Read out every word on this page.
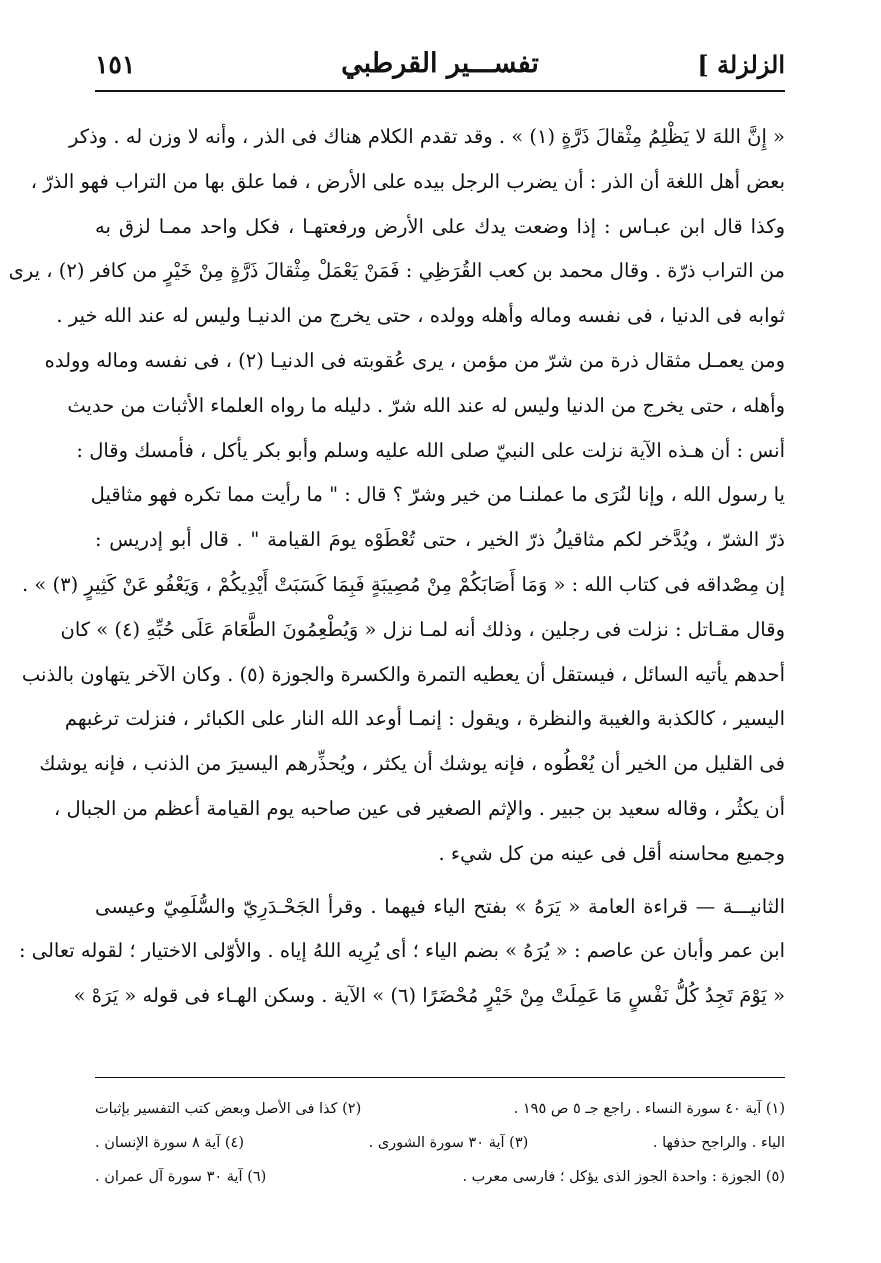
الزلزلة ]
تفســـير القرطبي
١٥١
« إِنَّ اللهَ لا يَظْلِمُ مِثْقالَ ذَرَّةٍ (١) » . وقد تقدم الكلام هناك فى الذر ، وأنه لا وزن له . وذكر
بعض أهل اللغة أن الذر : أن يضرب الرجل بيده على الأرض ، فما علق بها من التراب فهو الذرّ ،
وكذا قال ابن عبـاس : إذا وضعت يدك على الأرض ورفعتهـا ، فكل واحد ممـا لزق به
من التراب ذرّة . وقال محمد بن كعب القُرَظِي : فَمَنْ يَعْمَلْ مِثْقالَ ذَرَّةٍ مِنْ خَيْرٍ من كافر (٢) ، يرى
ثوابه فى الدنيا ، فى نفسه وماله وأهله وولده ، حتى يخرج من الدنيـا وليس له عند الله خير .
ومن يعمـل مثقال ذرة من شرّ من مؤمن ، يرى عُقوبته فى الدنيـا (٢) ، فى نفسه وماله وولده
وأهله ، حتى يخرج من الدنيا وليس له عند الله شرّ . دليله ما رواه العلماء الأثبات من حديث
أنس : أن هـذه الآية نزلت على النبيّ صلى الله عليه وسلم وأبو بكر يأكل ، فأمسك وقال :
يا رسول الله ، وإنا لنُرَى ما عملنـا من خير وشرّ ؟ قال : " ما رأيت مما تكره فهو مثاقيل
ذرّ الشرّ ، ويُدَّخر لكم مثاقيلُ ذرّ الخير ، حتى تُعْطَوْه يومَ القيامة " . قال أبو إدريس :
إن مِصْداقه فى كتاب الله : « وَمَا أَصَابَكُمْ مِنْ مُصِيبَةٍ فَبِمَا كَسَبَتْ أَيْدِيكُمْ ، وَيَعْفُو عَنْ كَثِيرٍ (٣) » .
وقال مقـاتل : نزلت فى رجلين ، وذلك أنه لمـا نزل « وَيُطْعِمُونَ الطَّعَامَ عَلَى حُبِّهِ (٤) » كان
أحدهم يأتيه السائل ، فيستقل أن يعطيه التمرة والكسرة والجوزة (٥) . وكان الآخر يتهاون بالذنب
اليسير ، كالكذبة والغيبة والنظرة ، ويقول : إنمـا أوعد الله النار على الكبائر ، فنزلت ترغبهم
فى القليل من الخير أن يُعْطُوه ، فإنه يوشك أن يكثر ، ويُحذِّرهم اليسيرَ من الذنب ، فإنه يوشك
أن يكثُر ، وقاله سعيد بن جبير . والإثم الصغير فى عين صاحبه يوم القيامة أعظم من الجبال ،
وجميع محاسنه أقل فى عينه من كل شيء .
الثانيـــة — قراءة العامة « يَرَهُ » بفتح الياء فيهما . وقرأ الجَحْـدَرِيّ والسُّلَمِيّ وعيسى
ابن عمر وأبان عن عاصم : « يُرَهُ » بضم الياء ؛ أى يُرِيه اللهُ إياه . والأوّلى الاختيار ؛ لقوله تعالى :
« يَوْمَ تَجِدُ كُلُّ نَفْسٍ مَا عَمِلَتْ مِنْ خَيْرٍ مُحْضَرًا (٦) » الآية . وسكن الهـاء فى قوله « يَرَهْ »
(١) آية ٤٠ سورة النساء . راجع جـ ٥ ص ١٩٥ .
(٢) كذا فى الأصل وبعض كتب التفسير بإثبات
الياء . والراجح حذفها .
(٣) آية ٣٠ سورة الشورى .
(٤) آية ٨ سورة الإنسان .
(٥) الجوزة : واحدة الجوز الذى يؤكل ؛ فارسى معرب .
(٦) آية ٣٠ سورة آل عمران .
